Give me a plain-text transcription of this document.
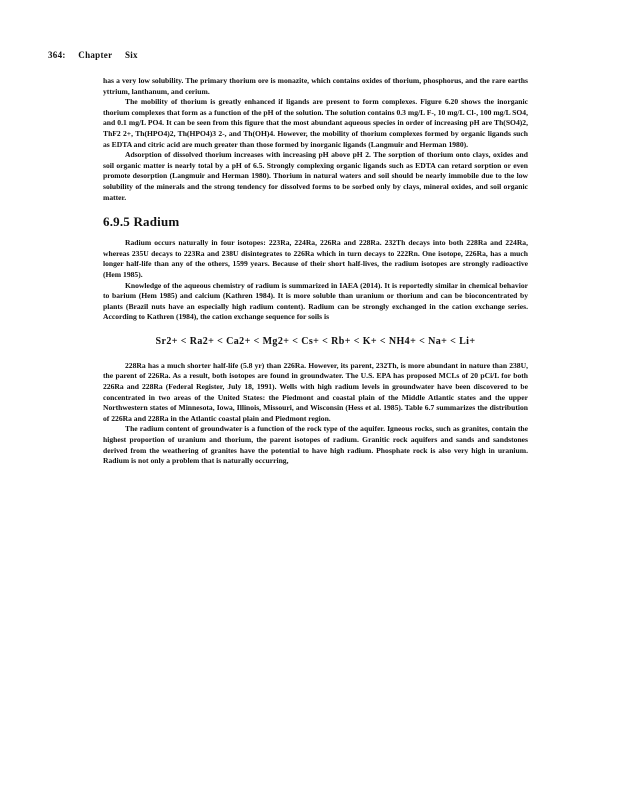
364: Chapter Six

has a very low solubility. The primary thorium ore is monazite, which contains oxides of thorium, phosphorus, and the rare earths yttrium, lanthanum, and cerium.

The mobility of thorium is greatly enhanced if ligands are present to form complexes. Figure 6.20 shows the inorganic thorium complexes that form as a function of the pH of the solution. The solution contains 0.3 mg/L F-, 10 mg/L Cl-, 100 mg/L SO4, and 0.1 mg/L PO4. It can be seen from this figure that the most abundant aqueous species in order of increasing pH are Th(SO4)2, ThF2 2+, Th(HPO4)2, Th(HPO4)3 2-, and Th(OH)4. However, the mobility of thorium complexes formed by organic ligands such as EDTA and citric acid are much greater than those formed by inorganic ligands (Langmuir and Herman 1980).

Adsorption of dissolved thorium increases with increasing pH above pH 2. The sorption of thorium onto clays, oxides and soil organic matter is nearly total by a pH of 6.5. Strongly complexing organic ligands such as EDTA can retard sorption or even promote desorption (Langmuir and Herman 1980). Thorium in natural waters and soil should be nearly immobile due to the low solubility of the minerals and the strong tendency for dissolved forms to be sorbed only by clays, mineral oxides, and soil organic matter.

6.9.5 Radium

Radium occurs naturally in four isotopes: 223Ra, 224Ra, 226Ra and 228Ra. 232Th decays into both 228Ra and 224Ra, whereas 235U decays to 223Ra and 238U disintegrates to 226Ra which in turn decays to 222Rn. One isotope, 226Ra, has a much longer half-life than any of the others, 1599 years. Because of their short half-lives, the radium isotopes are strongly radioactive (Hem 1985).

Knowledge of the aqueous chemistry of radium is summarized in IAEA (2014). It is reportedly similar in chemical behavior to barium (Hem 1985) and calcium (Kathren 1984). It is more soluble than uranium or thorium and can be bioconcentrated by plants (Brazil nuts have an especially high radium content). Radium can be strongly exchanged in the cation exchange series. According to Kathren (1984), the cation exchange sequence for soils is

Sr2+ < Ra2+ < Ca2+ < Mg2+ < Cs+ < Rb+ < K+ < NH4+ < Na+ < Li+

228Ra has a much shorter half-life (5.8 yr) than 226Ra. However, its parent, 232Th, is more abundant in nature than 238U, the parent of 226Ra. As a result, both isotopes are found in groundwater. The U.S. EPA has proposed MCLs of 20 pCi/L for both 226Ra and 228Ra (Federal Register, July 18, 1991). Wells with high radium levels in groundwater have been discovered to be concentrated in two areas of the United States: the Piedmont and coastal plain of the Middle Atlantic states and the upper Northwestern states of Minnesota, Iowa, Illinois, Missouri, and Wisconsin (Hess et al. 1985). Table 6.7 summarizes the distribution of 226Ra and 228Ra in the Atlantic coastal plain and Piedmont region.

The radium content of groundwater is a function of the rock type of the aquifer. Igneous rocks, such as granites, contain the highest proportion of uranium and thorium, the parent isotopes of radium. Granitic rock aquifers and sands and sandstones derived from the weathering of granites have the potential to have high radium. Phosphate rock is also very high in uranium. Radium is not only a problem that is naturally occurring,
